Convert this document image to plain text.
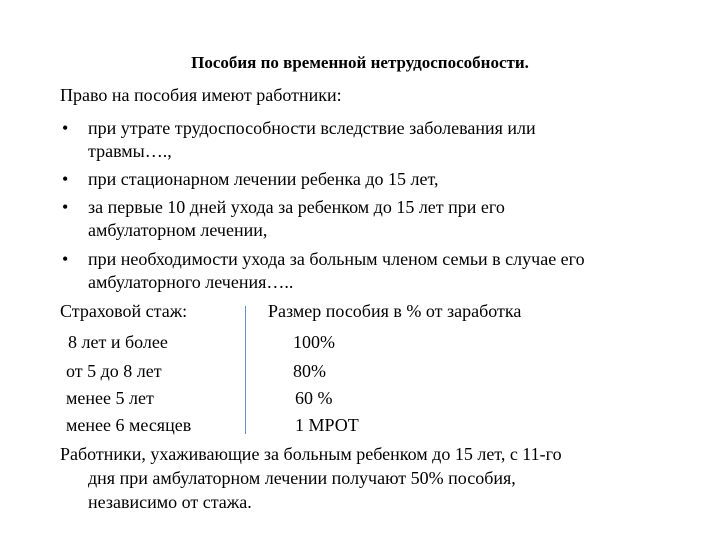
Пособия по временной нетрудоспособности.
Право на пособия имеют работники:
• при утрате трудоспособности вследствие заболевания или
травмы….,
• при стационарном лечении ребенка до 15 лет,
• за первые 10 дней ухода за ребенком до 15 лет при его
амбулаторном лечении,
• при необходимости ухода за больным членом семьи в случае его
амбулаторного лечения…..
Страховой стаж:	Размер пособия в % от заработка
8 лет и более	100%
от 5 до 8 лет	80%
менее 5 лет	60 %
менее 6 месяцев	1 МРОТ
Работники, ухаживающие за больным ребенком до 15 лет, с 11-го
дня при амбулаторном лечении получают 50% пособия,
независимо от стажа.
